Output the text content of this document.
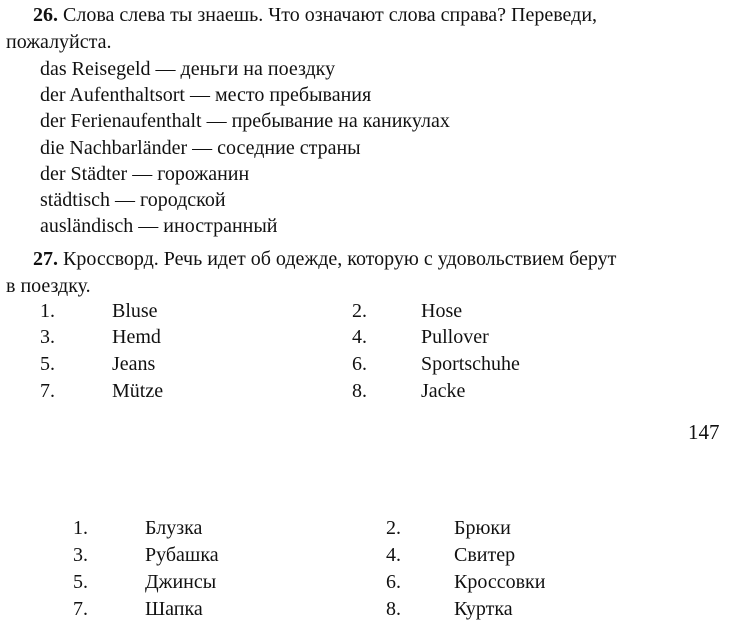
26. Слова слева ты знаешь. Что означают слова справа? Переведи,
пожалуйста.
das Reisegeld — деньги на поездку
der Aufenthaltsort — место пребывания
der Ferienaufenthalt — пребывание на каникулах
die Nachbarländer — соседние страны
der Städter — горожанин
städtisch — городской
ausländisch — иностранный
27. Кроссворд. Речь идет об одежде, которую с удовольствием берут
в поездку.
1.	Bluse	2.	Hose
3.	Hemd	4.	Pullover
5.	Jeans	6.	Sportschuhe
7.	Mütze	8.	Jacke
147
1.	Блузка	2.	Брюки
3.	Рубашка	4.	Свитер
5.	Джинсы	6.	Кроссовки
7.	Шапка	8.	Куртка
